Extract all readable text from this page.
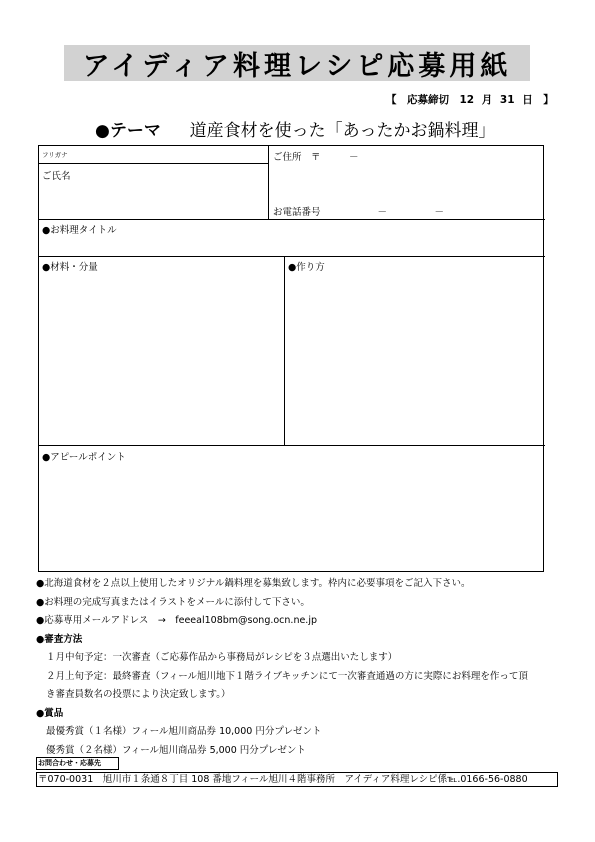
アイディア料理レシピ応募用紙
【　応募締切　12 月 31 日　】
●テーマ 道産食材を使った「あったかお鍋料理」
フリガナ
ご氏名
ご住所　〒　　　－
お電話番号　　　　　　－　　　　　－
●お料理タイトル
●材料・分量	●作り方
●アピールポイント
●北海道食材を２点以上使用したオリジナル鍋料理を募集致します。枠内に必要事項をご記入下さい。
●お料理の完成写真またはイラストをメールに添付して下さい。
●応募専用メールアドレス　→　feeeal108bm@song.ocn.ne.jp
●審査方法
１月中旬予定：一次審査（ご応募作品から事務局がレシピを３点選出いたします）
２月上旬予定：最終審査（フィール旭川地下１階ライブキッチンにて一次審査通過の方に実際にお料理を作って頂
き審査員数名の投票により決定致します。）
●賞品
最優秀賞（１名様）フィール旭川商品券 10,000 円分プレゼント
優秀賞（２名様）フィール旭川商品券 5,000 円分プレゼント
お問合わせ・応募先
〒070-0031　旭川市１条通８丁目 108 番地フィール旭川４階事務所　アイディア料理レシピ係℡.0166-56-0880
